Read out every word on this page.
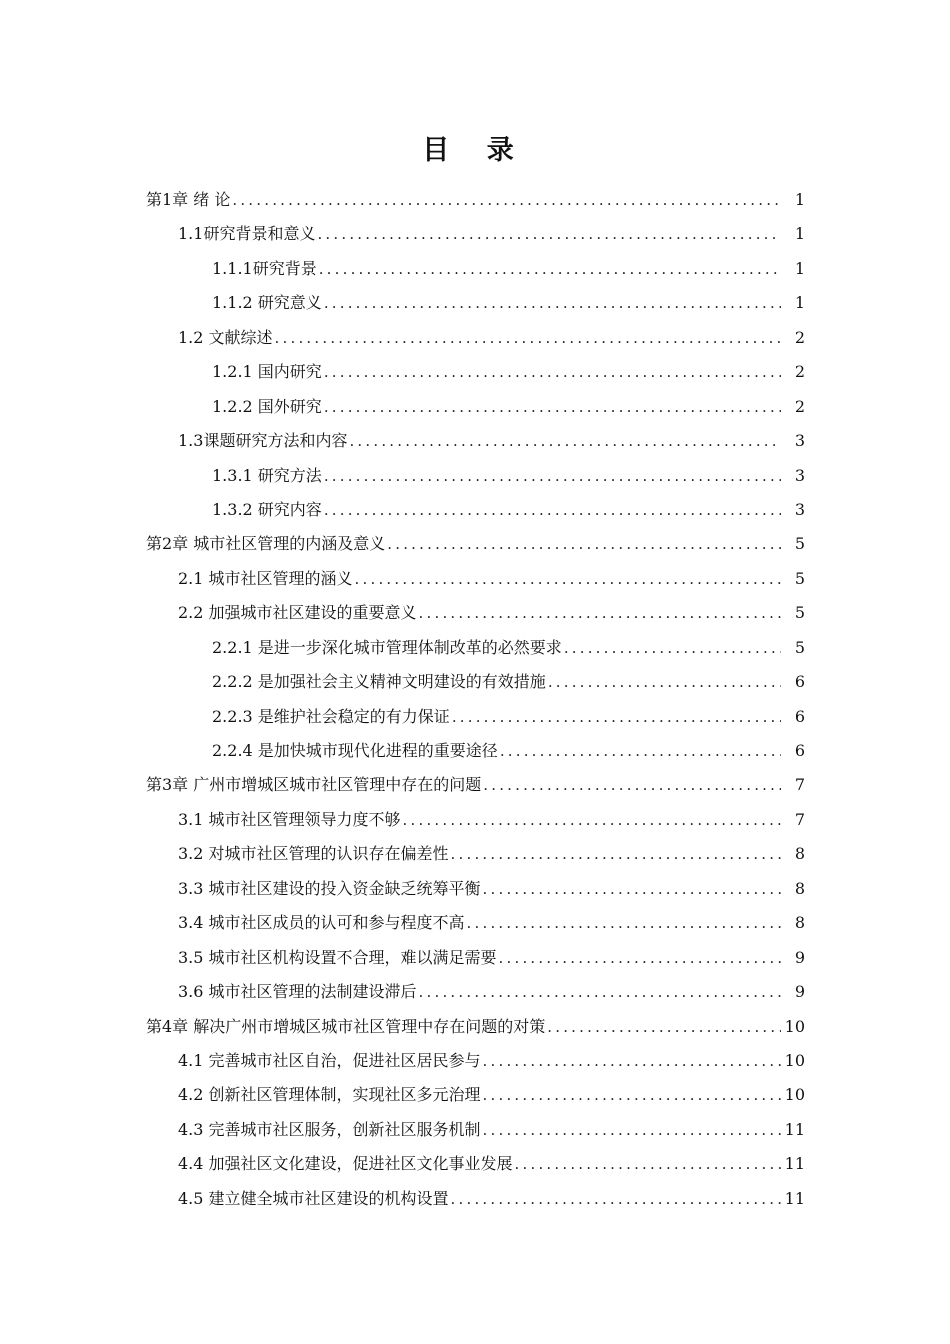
目 录
第1章 绪 论 .....	1
1.1研究背景和意义 .....	1
1.1.1研究背景 .....	1
1.1.2 研究意义 .....	1
1.2 文献综述 .....	2
1.2.1 国内研究 .....	2
1.2.2 国外研究 .....	2
1.3课题研究方法和内容 .....	3
1.3.1 研究方法 .....	3
1.3.2 研究内容 .....	3
第2章 城市社区管理的内涵及意义 .....	5
2.1 城市社区管理的涵义 .....	5
2.2 加强城市社区建设的重要意义 .....	5
2.2.1 是进一步深化城市管理体制改革的必然要求 .....	5
2.2.2 是加强社会主义精神文明建设的有效措施 .....	6
2.2.3 是维护社会稳定的有力保证 .....	6
2.2.4 是加快城市现代化进程的重要途径 .....	6
第3章 广州市增城区城市社区管理中存在的问题 .....	7
3.1 城市社区管理领导力度不够 .....	7
3.2 对城市社区管理的认识存在偏差性 .....	8
3.3 城市社区建设的投入资金缺乏统筹平衡 .....	8
3.4 城市社区成员的认可和参与程度不高 .....	8
3.5 城市社区机构设置不合理，难以满足需要 .....	9
3.6 城市社区管理的法制建设滞后 .....	9
第4章 解决广州市增城区城市社区管理中存在问题的对策 .....	10
4.1 完善城市社区自治，促进社区居民参与 .....	10
4.2 创新社区管理体制，实现社区多元治理 .....	10
4.3 完善城市社区服务，创新社区服务机制 .....	11
4.4 加强社区文化建设，促进社区文化事业发展 .....	11
4.5 建立健全城市社区建设的机构设置 .....	11
